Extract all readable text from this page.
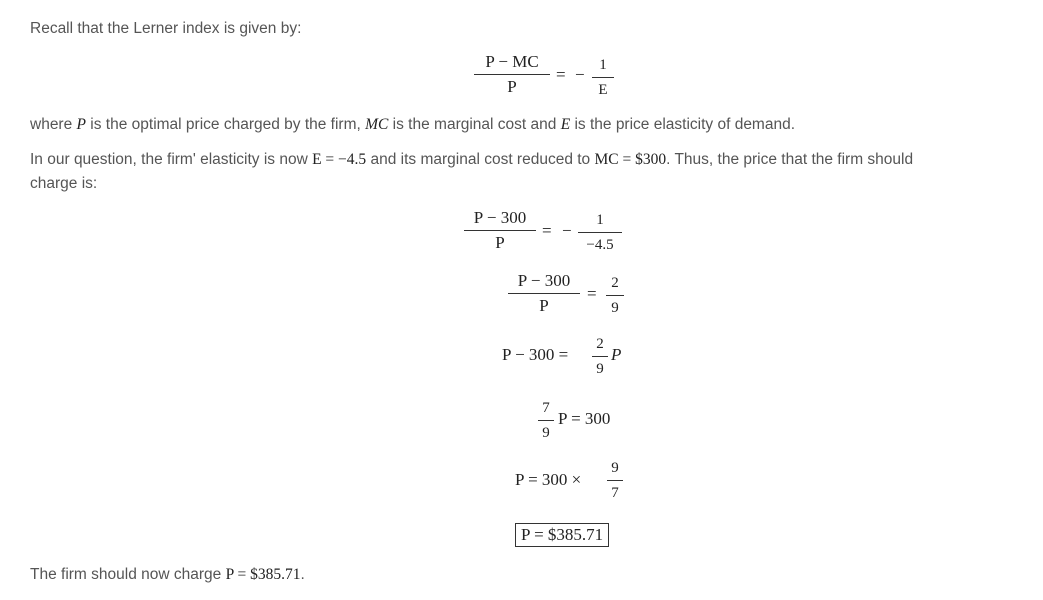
Recall that the Lerner index is given by:
P − MC
P
= − 1
E
where P is the optimal price charged by the firm, MC is the marginal cost and E is the price elasticity of demand.
In our question, the firm' elasticity is now E = −4.5 and its marginal cost reduced to MC = $300. Thus, the price that the firm should
charge is:
P − 300
P
= −
1
−4.5
P − 300
P
=
2
9
P − 300 =
2
9
P
7
9
P = 300
P = 300 ×
9
7
P = $385.71
The firm should now charge P = $385.71.
